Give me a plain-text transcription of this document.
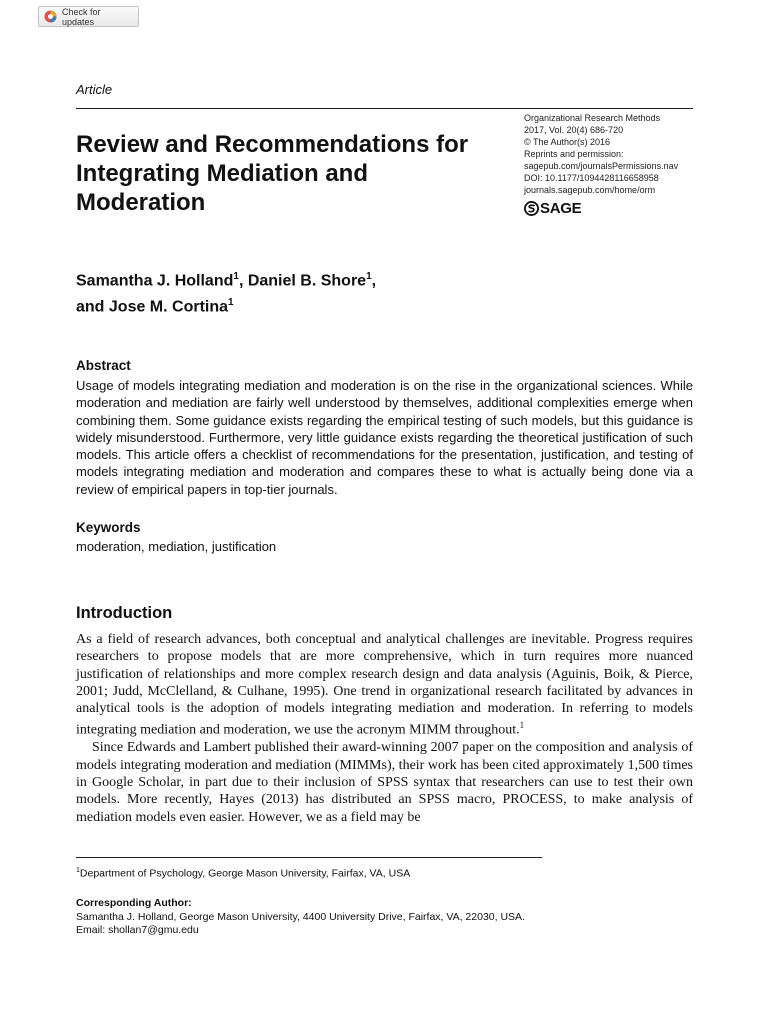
Check for updates
Article
Review and Recommendations for Integrating Mediation and Moderation
Organizational Research Methods
2017, Vol. 20(4) 686-720
© The Author(s) 2016
Reprints and permission:
sagepub.com/journalsPermissions.nav
DOI: 10.1177/1094428116658958
journals.sagepub.com/home/orm
SAGE
Samantha J. Holland$^1$, Daniel B. Shore$^1$,
and Jose M. Cortina$^1$
Abstract
Usage of models integrating mediation and moderation is on the rise in the organizational sciences. While moderation and mediation are fairly well understood by themselves, additional complexities emerge when combining them. Some guidance exists regarding the empirical testing of such models, but this guidance is widely misunderstood. Furthermore, very little guidance exists regarding the theoretical justification of such models. This article offers a checklist of recommendations for the presentation, justification, and testing of models integrating mediation and moderation and compares these to what is actually being done via a review of empirical papers in top-tier journals.
Keywords
moderation, mediation, justification
Introduction

As a field of research advances, both conceptual and analytical challenges are inevitable. Progress requires researchers to propose models that are more comprehensive, which in turn requires more nuanced justification of relationships and more complex research design and data analysis (Aguinis, Boik, & Pierce, 2001; Judd, McClelland, & Culhane, 1995). One trend in organizational research facilitated by advances in analytical tools is the adoption of models integrating mediation and moderation. In referring to models integrating mediation and moderation, we use the acronym MIMM throughout.$^1$

Since Edwards and Lambert published their award-winning 2007 paper on the composition and analysis of models integrating moderation and mediation (MIMMs), their work has been cited approximately 1,500 times in Google Scholar, in part due to their inclusion of SPSS syntax that researchers can use to test their own models. More recently, Hayes (2013) has distributed an SPSS macro, PROCESS, to make analysis of mediation models even easier. However, we as a field may be

$^1$Department of Psychology, George Mason University, Fairfax, VA, USA
Corresponding Author:
Samantha J. Holland, George Mason University, 4400 University Drive, Fairfax, VA, 22030, USA.
Email: shollan7@gmu.edu
